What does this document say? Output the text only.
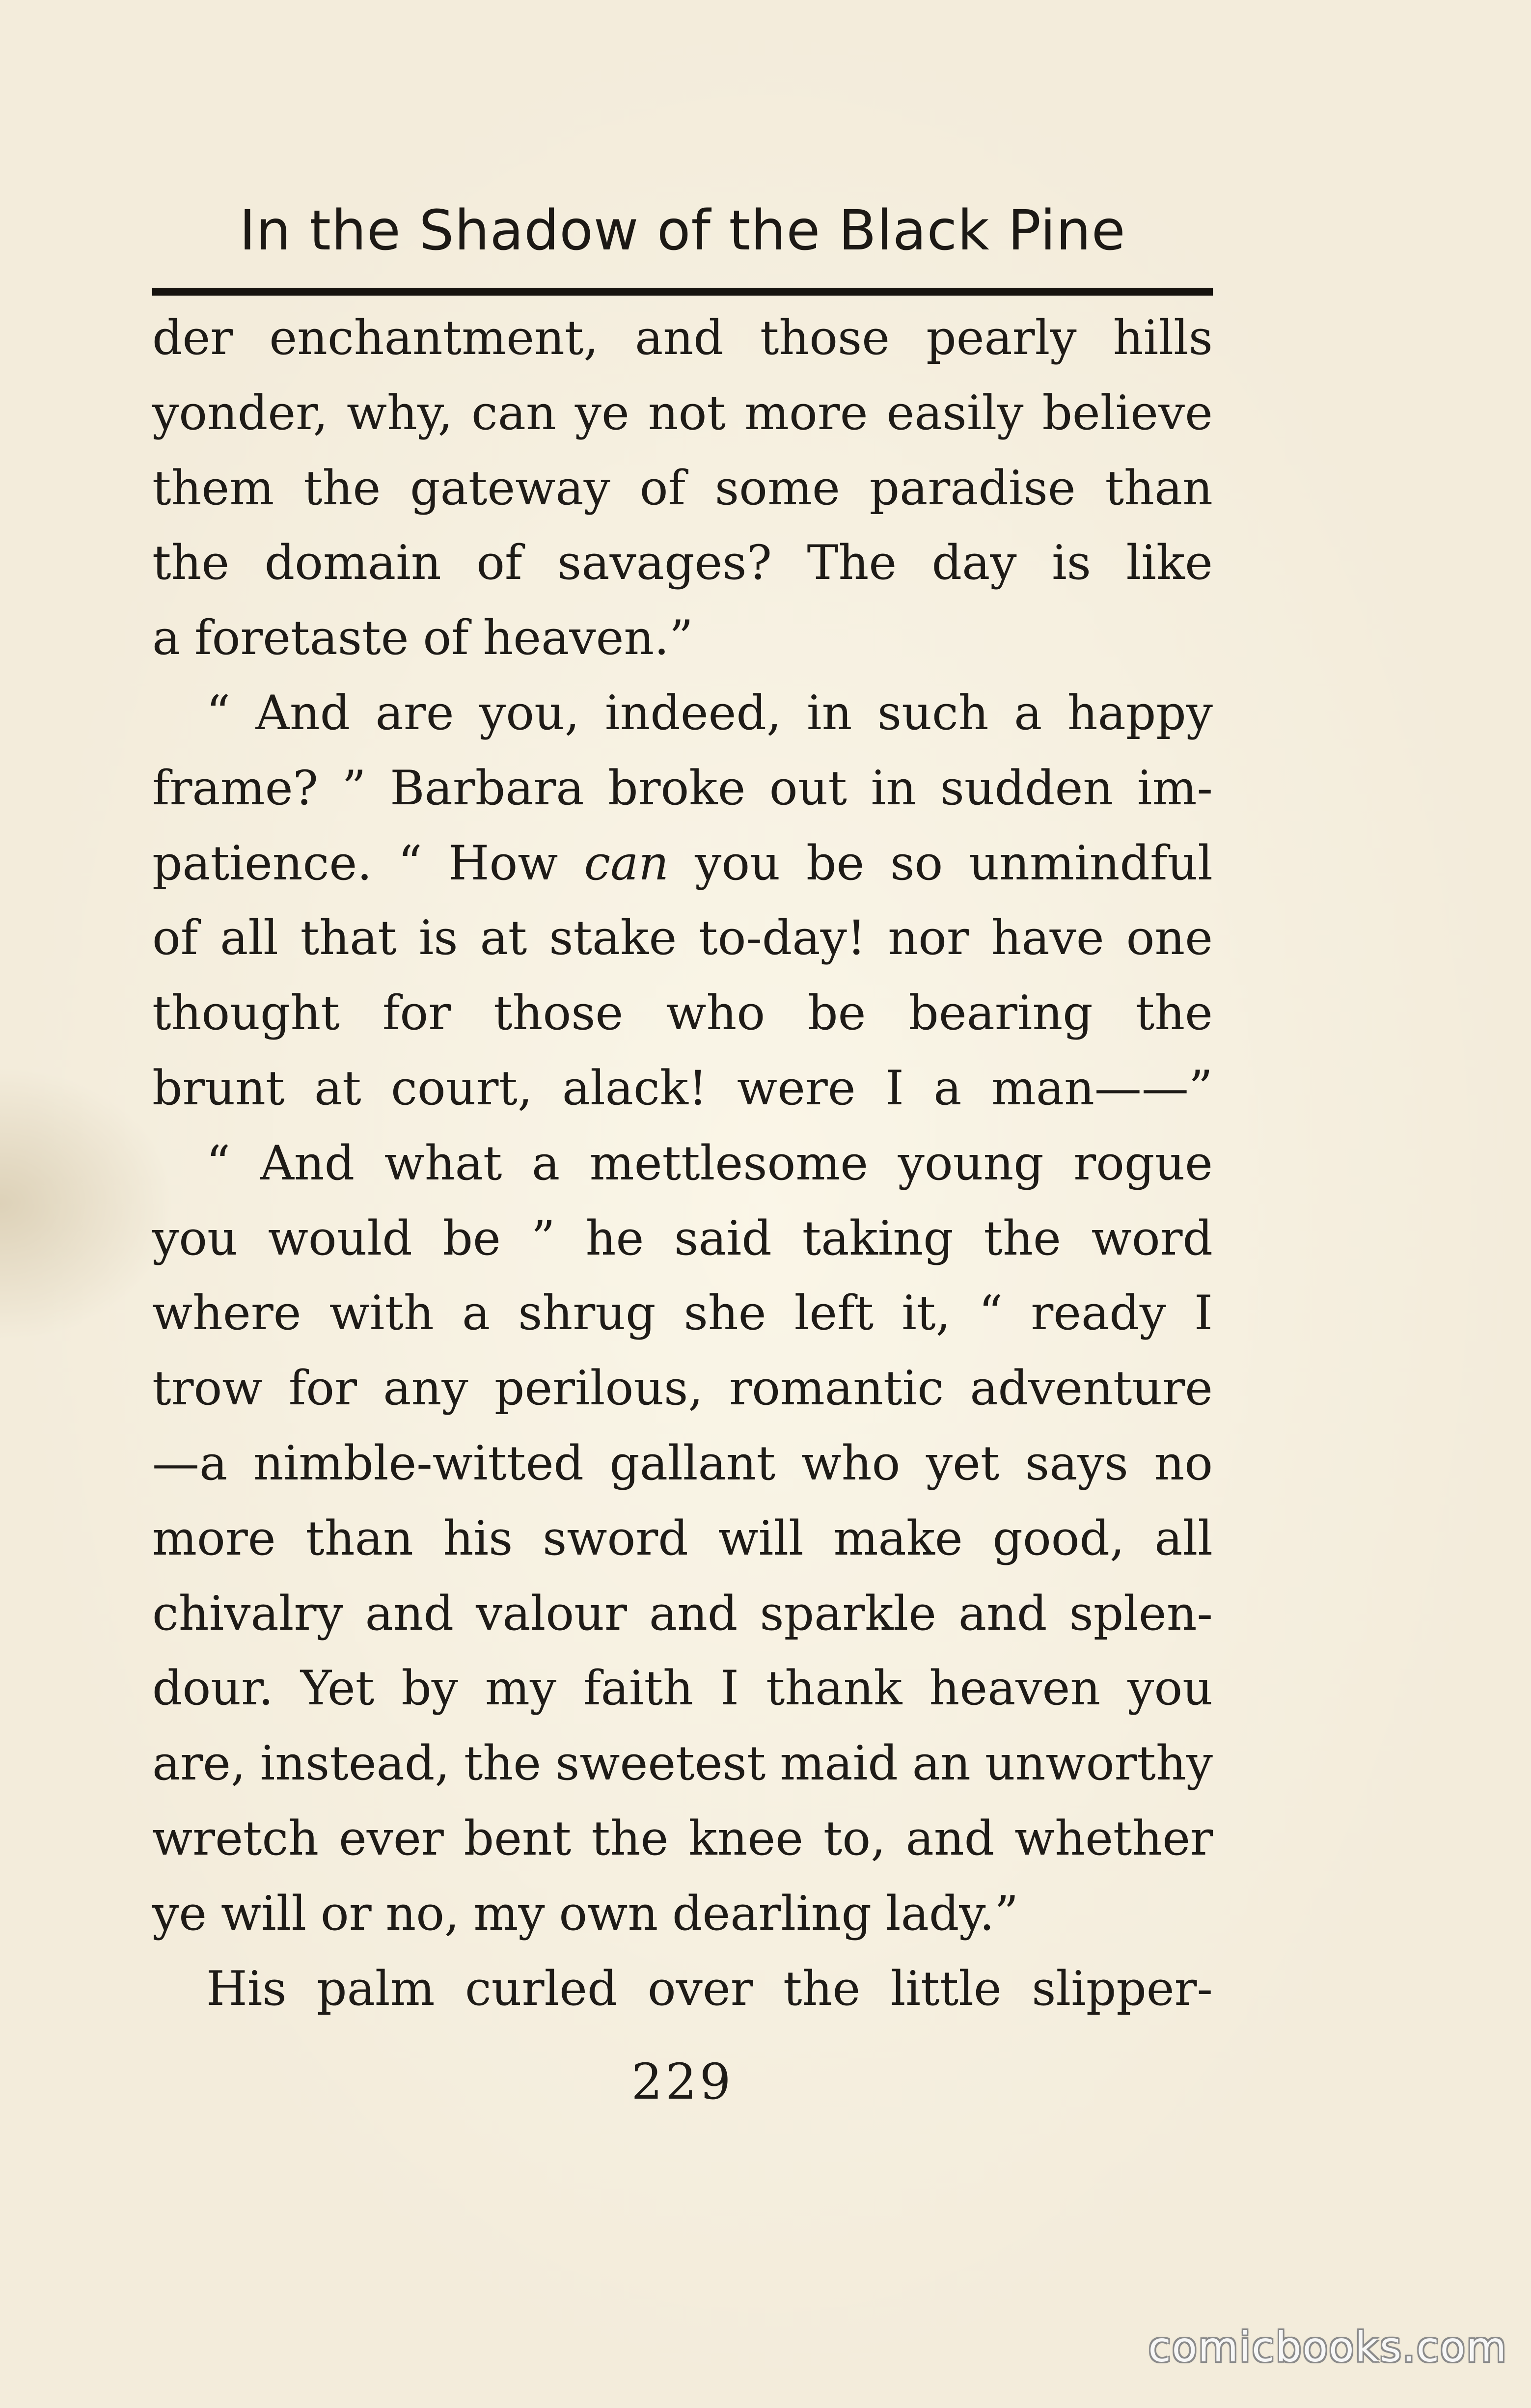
In the Shadow of the Black Pine
der enchantment, and those pearly hills
yonder, why, can ye not more easily believe
them the gateway of some paradise than
the domain of savages? The day is like
a foretaste of heaven.”
“ And are you, indeed, in such a happy
frame? ” Barbara broke out in sudden im-
patience. “ How can you be so unmindful
of all that is at stake to-day! nor have one
thought for those who be bearing the
brunt at court, alack! were I a man——”
“ And what a mettlesome young rogue
you would be ” he said taking the word
where with a shrug she left it, “ ready I
trow for any perilous, romantic adventure
—a nimble-witted gallant who yet says no
more than his sword will make good, all
chivalry and valour and sparkle and splen-
dour. Yet by my faith I thank heaven you
are, instead, the sweetest maid an unworthy
wretch ever bent the knee to, and whether
ye will or no, my own dearling lady.”
His palm curled over the little slipper-
229
comicbooks.com
